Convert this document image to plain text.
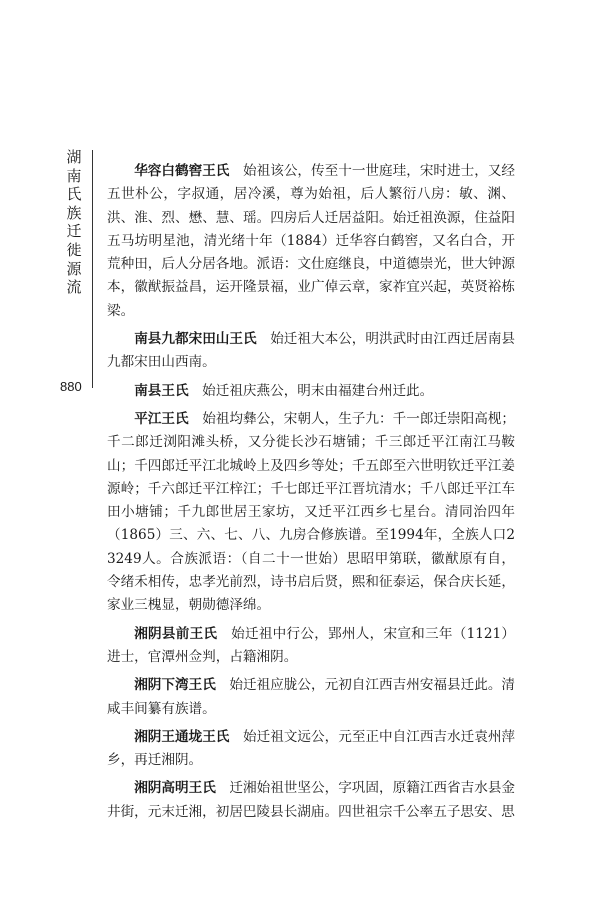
湖南氏族迁徙源流
880

华容白鹤窖王氏　 始祖该公，传至十一世庭珪，宋时进士，又经五世朴公，字叔通，居冷溪，尊为始祖，后人繁衍八房：敏、渊、洪、淮、烈、懋、慧、瑶。四房后人迁居益阳。始迁祖涣源，住益阳五马坊明星池，清光绪十年（1884）迁华容白鹤窖，又名白合，开荒种田，后人分居各地。派语：文仕庭继良，中道德崇光，世大钟源本，徽猷振益昌，运开隆景福，业广倬云章，家祚宜兴起，英贤裕栋梁。

南县九都宋田山王氏　 始迁祖大本公，明洪武时由江西迁居南县九都宋田山西南。

南县王氏　 始迁祖庆燕公，明末由福建台州迁此。

平江王氏　 始祖均彝公，宋朝人，生子九：千一郎迁崇阳高枧；千二郎迁浏阳滩头桥，又分徙长沙石塘铺；千三郎迁平江南江马鞍山；千四郎迁平江北城岭上及四乡等处；千五郎至六世明钦迁平江姜源岭；千六郎迁平江梓江；千七郎迁平江晋坑清水；千八郎迁平江车田小塘铺；千九郎世居王家坊，又迁平江西乡七星台。清同治四年（1865）三、六、七、八、九房合修族谱。至1994年，全族人口23249人。合族派语：（自二十一世始）思昭甲第联，徽猷原有自，令绪禾相传，忠孝光前烈，诗书启后贤，熙和征泰运，保合庆长延，家业三槐显，朝勋德泽绵。

湘阴县前王氏　 始迁祖中行公，郢州人，宋宣和三年（1121）进士，官潭州佥判，占籍湘阴。

湘阴下湾王氏　 始迁祖应胧公，元初自江西吉州安福县迁此。清咸丰间纂有族谱。

湘阴王通垅王氏　 始迁祖文远公，元至正中自江西吉水迁袁州萍乡，再迁湘阴。

湘阴高明王氏　 迁湘始祖世坚公，字巩固，原籍江西省吉水县金井街，元末迁湘，初居巴陵县长湖庙。四世祖宗千公率五子思安、思
